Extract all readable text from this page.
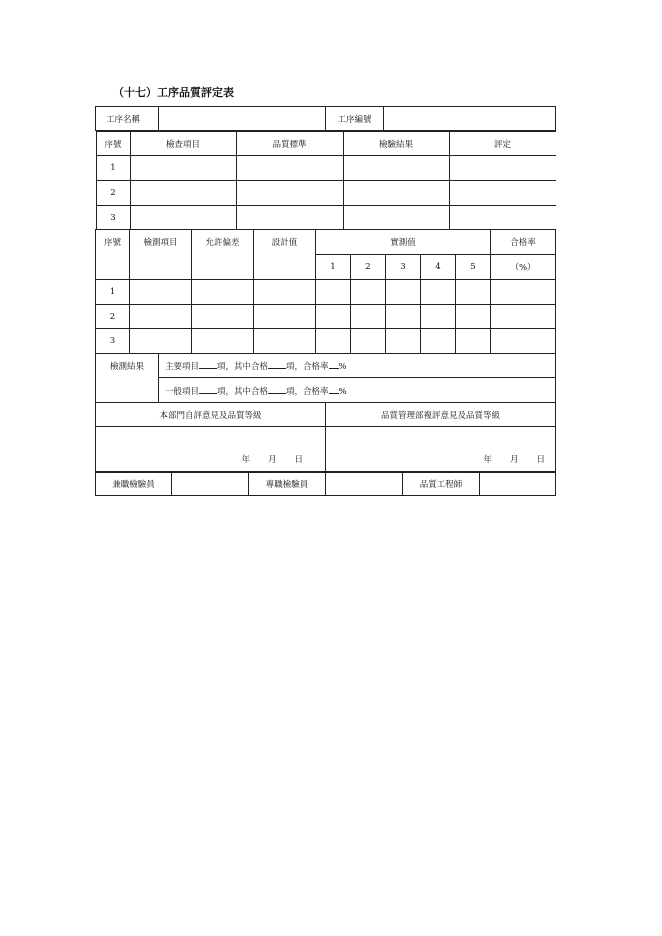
（十七）工序品質評定表
工序名稱		工序編號	

序號	檢查項目	品質標準	檢驗結果	評定
1				
2				
3				
序號	檢測項目	允許偏差	設計值	實測值					合格率
				1	2	3	4	5	（%）
1									
2									
3									
檢測結果	主要項目 項，其中合格 項，合格率 %
一般項目 項，其中合格 項，合格率 %
本部門自評意見及品質等級	品質管理部複評意見及品質等級

年 月 日	年 月 日
兼職檢驗員		專職檢驗員		品質工程師	
